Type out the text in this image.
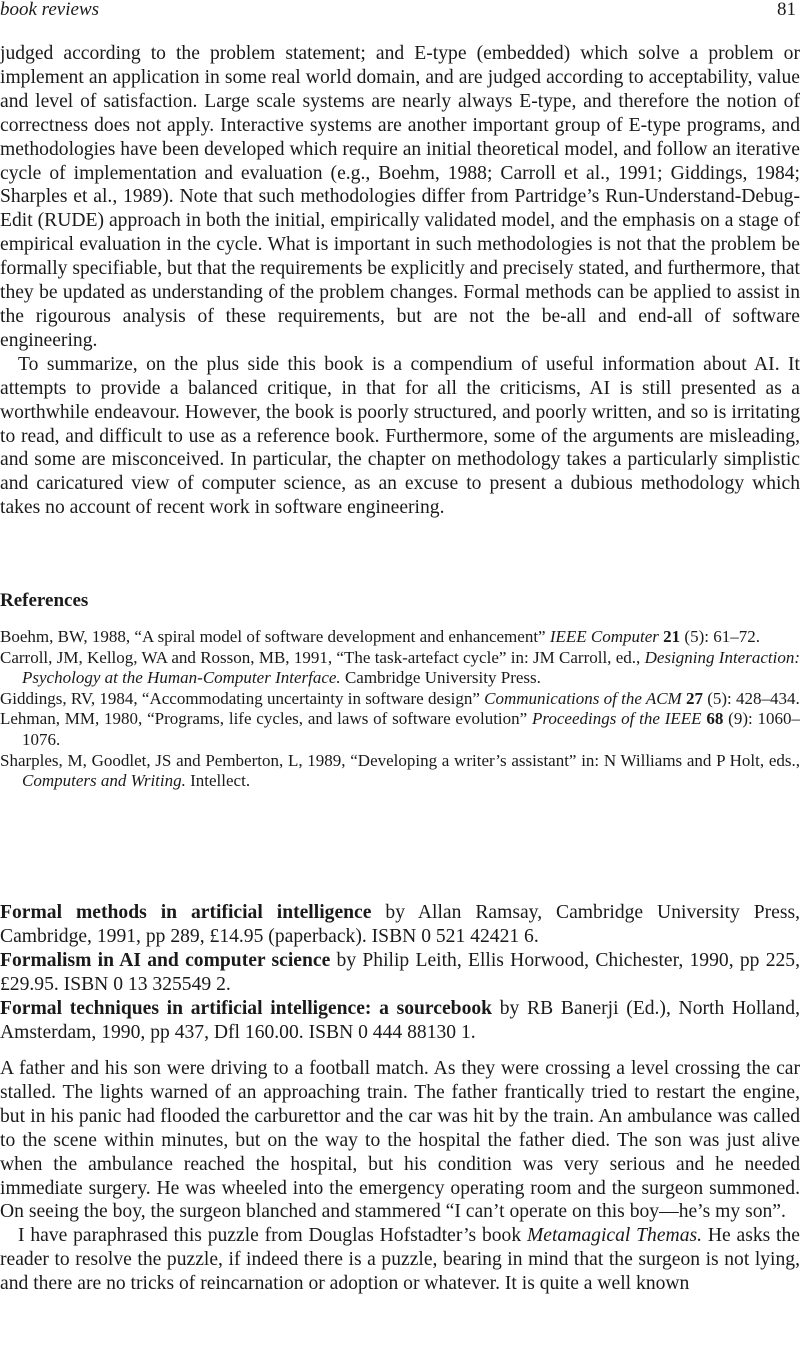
book reviews	81

judged according to the problem statement; and E-type (embedded) which solve a problem or implement an application in some real world domain, and are judged according to acceptability, value and level of satisfaction. Large scale systems are nearly always E-type, and therefore the notion of correctness does not apply. Interactive systems are another important group of E-type programs, and methodologies have been developed which require an initial theoretical model, and follow an iterative cycle of implementation and evaluation (e.g., Boehm, 1988; Carroll et al., 1991; Giddings, 1984; Sharples et al., 1989). Note that such methodologies differ from Partridge’s Run-Understand-Debug-Edit (RUDE) approach in both the initial, empirically validated model, and the emphasis on a stage of empirical evaluation in the cycle. What is important in such methodologies is not that the problem be formally specifiable, but that the requirements be explicitly and precisely stated, and furthermore, that they be updated as understanding of the problem changes. Formal methods can be applied to assist in the rigourous analysis of these requirements, but are not the be-all and end-all of software engineering.

To summarize, on the plus side this book is a compendium of useful information about AI. It attempts to provide a balanced critique, in that for all the criticisms, AI is still presented as a worthwhile endeavour. However, the book is poorly structured, and poorly written, and so is irritating to read, and difficult to use as a reference book. Furthermore, some of the arguments are misleading, and some are misconceived. In particular, the chapter on methodology takes a particularly simplistic and caricatured view of computer science, as an excuse to present a dubious methodology which takes no account of recent work in software engineering.

References

Boehm, BW, 1988, “A spiral model of software development and enhancement” IEEE Computer 21 (5): 61–72.

Carroll, JM, Kellog, WA and Rosson, MB, 1991, “The task-artefact cycle” in: JM Carroll, ed., Designing Interaction: Psychology at the Human-Computer Interface. Cambridge University Press.

Giddings, RV, 1984, “Accommodating uncertainty in software design” Communications of the ACM 27 (5): 428–434.

Lehman, MM, 1980, “Programs, life cycles, and laws of software evolution” Proceedings of the IEEE 68 (9): 1060–1076.

Sharples, M, Goodlet, JS and Pemberton, L, 1989, “Developing a writer’s assistant” in: N Williams and P Holt, eds., Computers and Writing. Intellect.

Formal methods in artificial intelligence by Allan Ramsay, Cambridge University Press, Cambridge, 1991, pp 289, £14.95 (paperback). ISBN 0 521 42421 6.

Formalism in AI and computer science by Philip Leith, Ellis Horwood, Chichester, 1990, pp 225, £29.95. ISBN 0 13 325549 2.

Formal techniques in artificial intelligence: a sourcebook by RB Banerji (Ed.), North Holland, Amsterdam, 1990, pp 437, Dfl 160.00. ISBN 0 444 88130 1.

A father and his son were driving to a football match. As they were crossing a level crossing the car stalled. The lights warned of an approaching train. The father frantically tried to restart the engine, but in his panic had flooded the carburettor and the car was hit by the train. An ambulance was called to the scene within minutes, but on the way to the hospital the father died. The son was just alive when the ambulance reached the hospital, but his condition was very serious and he needed immediate surgery. He was wheeled into the emergency operating room and the surgeon summoned. On seeing the boy, the surgeon blanched and stammered “I can’t operate on this boy—he’s my son”.

I have paraphrased this puzzle from Douglas Hofstadter’s book Metamagical Themas. He asks the reader to resolve the puzzle, if indeed there is a puzzle, bearing in mind that the surgeon is not lying, and there are no tricks of reincarnation or adoption or whatever. It is quite a well known
